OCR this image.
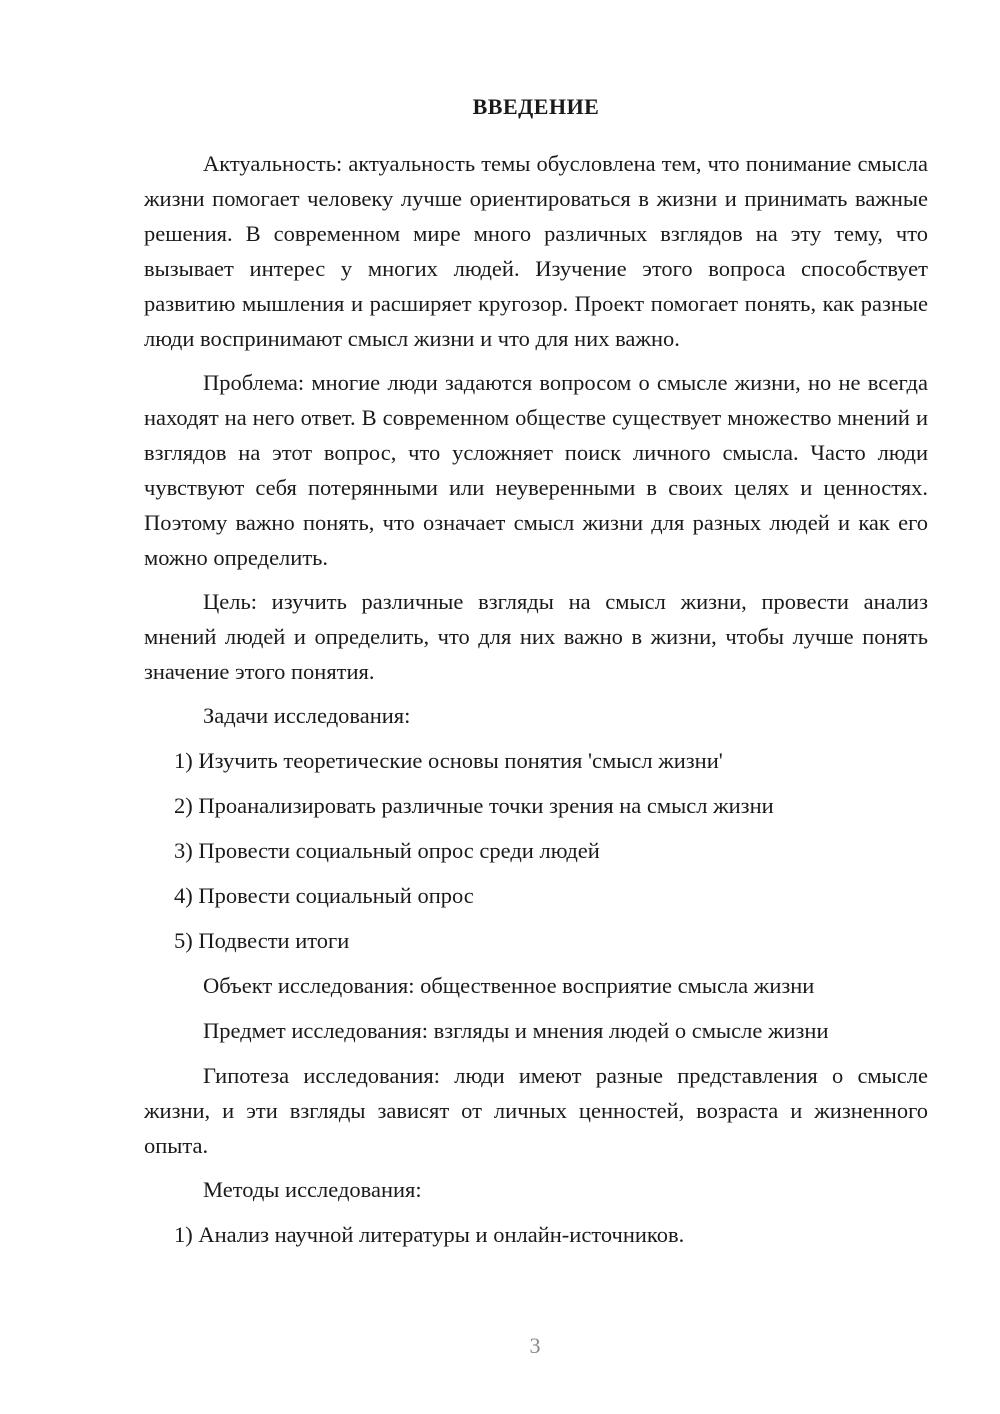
ВВЕДЕНИЕ

Актуальность: актуальность темы обусловлена тем, что понимание смысла жизни помогает человеку лучше ориентироваться в жизни и принимать важные решения. В современном мире много различных взглядов на эту тему, что вызывает интерес у многих людей. Изучение этого вопроса способствует развитию мышления и расширяет кругозор. Проект помогает понять, как разные люди воспринимают смысл жизни и что для них важно.

Проблема: многие люди задаются вопросом о смысле жизни, но не всегда находят на него ответ. В современном обществе существует множество мнений и взглядов на этот вопрос, что усложняет поиск личного смысла. Часто люди чувствуют себя потерянными или неуверенными в своих целях и ценностях. Поэтому важно понять, что означает смысл жизни для разных людей и как его можно определить.

Цель: изучить различные взгляды на смысл жизни, провести анализ мнений людей и определить, что для них важно в жизни, чтобы лучше понять значение этого понятия.

Задачи исследования:
1) Изучить теоретические основы понятия 'смысл жизни'
2) Проанализировать различные точки зрения на смысл жизни
3) Провести социальный опрос среди людей
4) Провести социальный опрос
5) Подвести итоги
Объект исследования: общественное восприятие смысла жизни
Предмет исследования: взгляды и мнения людей о смысле жизни

Гипотеза исследования: люди имеют разные представления о смысле жизни, и эти взгляды зависят от личных ценностей, возраста и жизненного опыта.

Методы исследования:
1) Анализ научной литературы и онлайн-источников.
3
